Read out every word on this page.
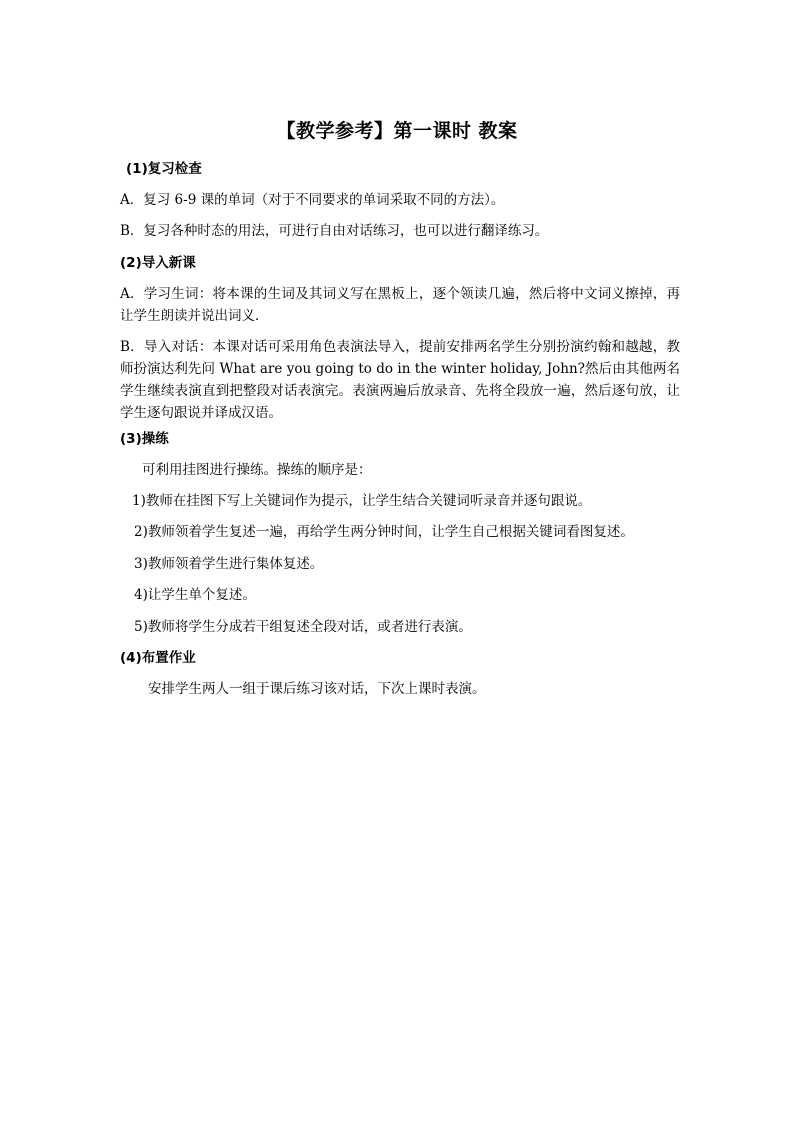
【教学参考】第一课时 教案
(1)复习检查
A．复习 6-9 课的单词（对于不同要求的单词采取不同的方法）。
B．复习各种时态的用法，可进行自由对话练习，也可以进行翻译练习。
(2)导入新课
A．学习生词：将本课的生词及其词义写在黑板上，逐个领读几遍，然后将中文词义擦掉，再让学生朗读并说出词义．
B．导入对话：本课对话可采用角色表演法导入，提前安排两名学生分别扮演约翰和越越，教师扮演达利先问 What are you going to do in the winter holiday, John?然后由其他两名学生继续表演直到把整段对话表演完。表演两遍后放录音、先将全段放一遍，然后逐句放，让学生逐句跟说并译成汉语。
(3)操练
可利用挂图进行操练。操练的顺序是：
1)教师在挂图下写上关键词作为提示，让学生结合关键词听录音并逐句跟说。
2)教师领着学生复述一遍，再给学生两分钟时间，让学生自己根据关键词看图复述。
3)教师领着学生进行集体复述。
4)让学生单个复述。
5)教师将学生分成若干组复述全段对话，或者进行表演。
(4)布置作业
安排学生两人一组于课后练习该对话，下次上课时表演。
